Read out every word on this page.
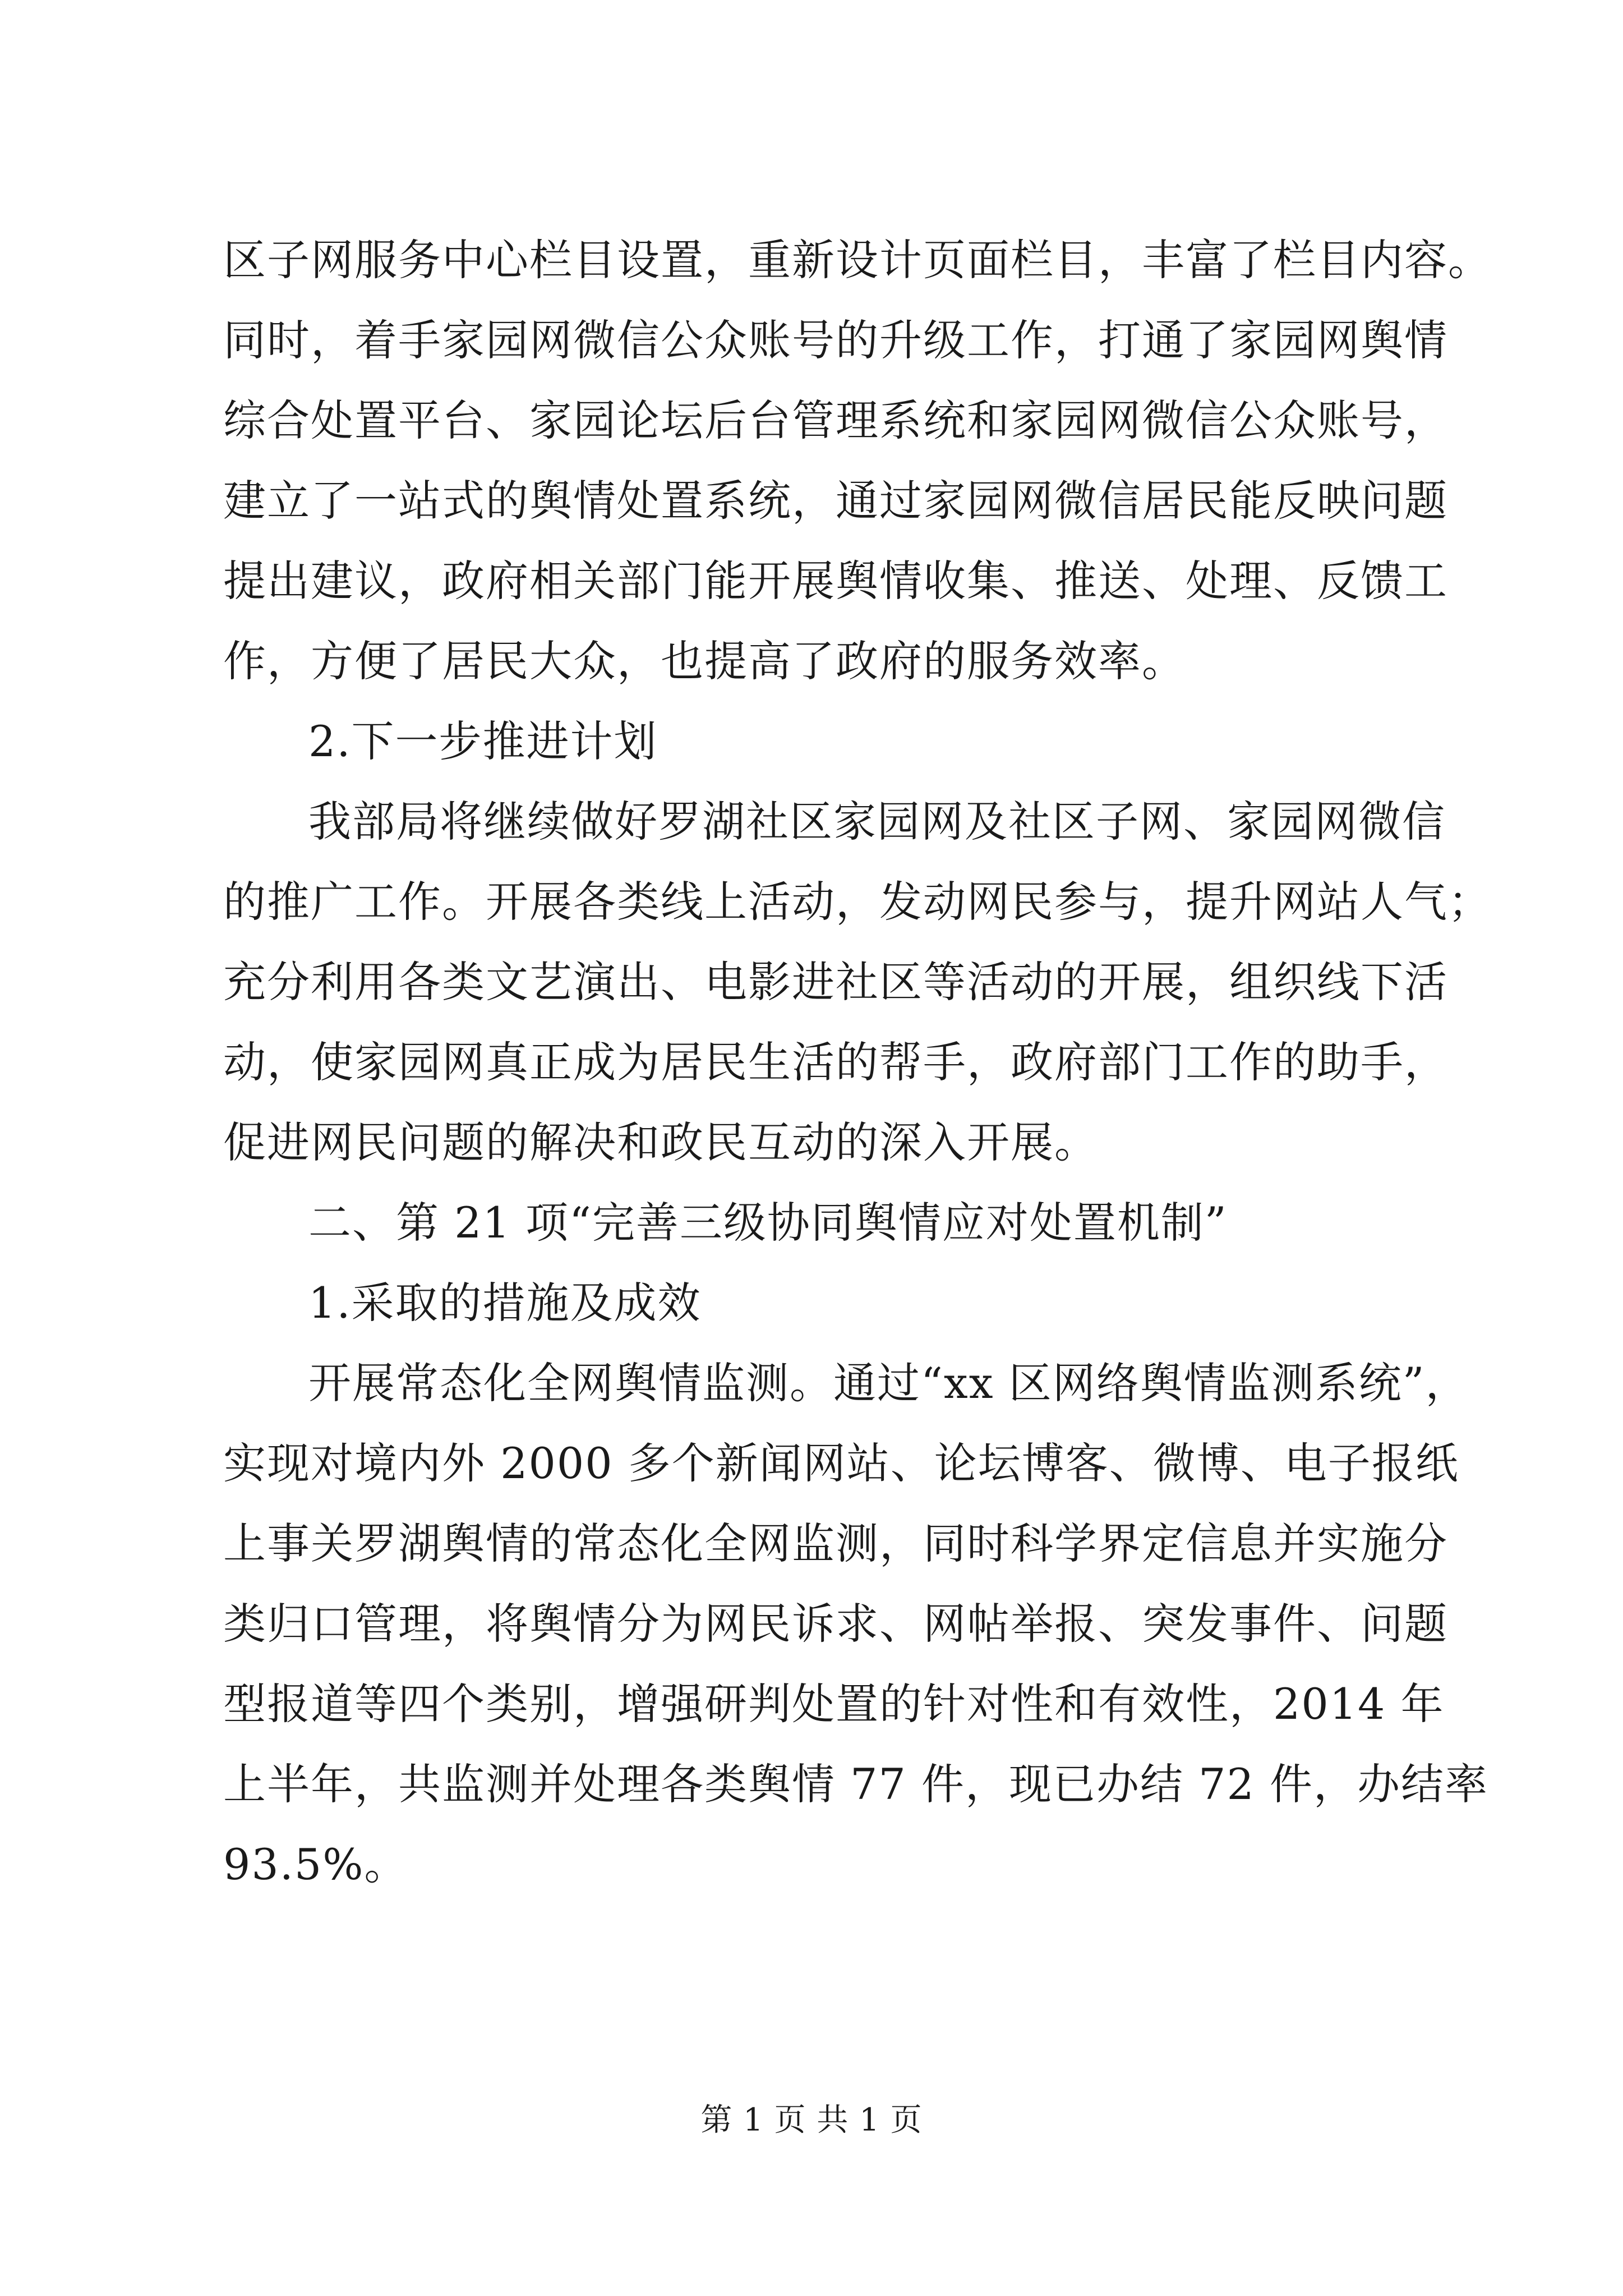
区子网服务中心栏目设置，重新设计页面栏目，丰富了栏目内容。

同时，着手家园网微信公众账号的升级工作，打通了家园网舆情

综合处置平台、家园论坛后台管理系统和家园网微信公众账号，

建立了一站式的舆情处置系统，通过家园网微信居民能反映问题

提出建议，政府相关部门能开展舆情收集、推送、处理、反馈工

作，方便了居民大众，也提高了政府的服务效率。

2.下一步推进计划

我部局将继续做好罗湖社区家园网及社区子网、家园网微信

的推广工作。开展各类线上活动，发动网民参与，提升网站人气；

充分利用各类文艺演出、电影进社区等活动的开展，组织线下活

动，使家园网真正成为居民生活的帮手，政府部门工作的助手，

促进网民问题的解决和政民互动的深入开展。

二、第 21 项“完善三级协同舆情应对处置机制”

1.采取的措施及成效

开展常态化全网舆情监测。通过“xx 区网络舆情监测系统”，

实现对境内外 2000 多个新闻网站、论坛博客、微博、电子报纸

上事关罗湖舆情的常态化全网监测，同时科学界定信息并实施分

类归口管理，将舆情分为网民诉求、网帖举报、突发事件、问题

型报道等四个类别，增强研判处置的针对性和有效性，2014 年

上半年，共监测并处理各类舆情 77 件，现已办结 72 件，办结率

93.5%。

第 1 页 共 1 页
